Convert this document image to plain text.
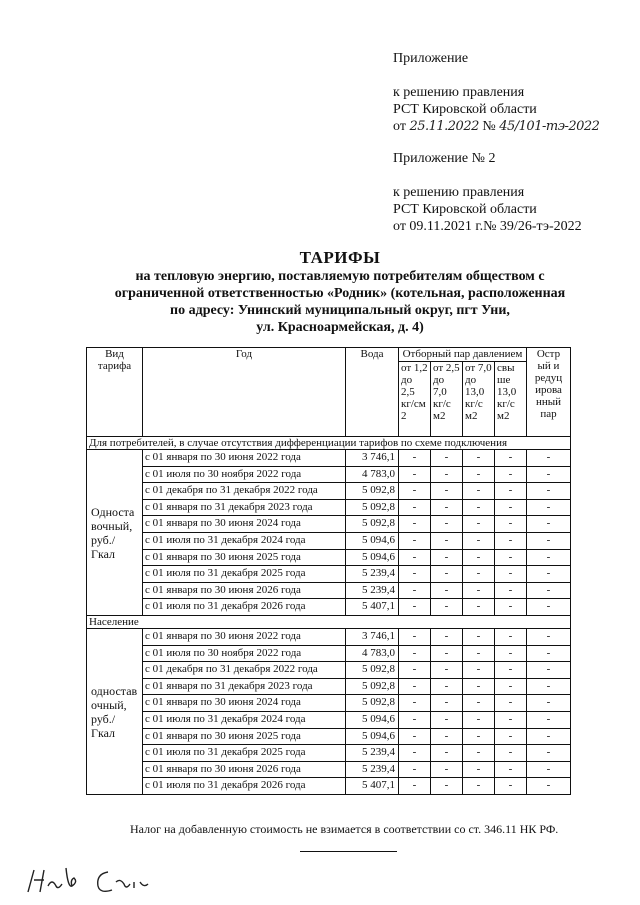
Приложение

к решению правления

РСТ Кировской области

от 25.11.2022 № 45/101-тэ-2022

Приложение № 2

к решению правления

РСТ Кировской области

от 09.11.2021 г.№ 39/26-тэ-2022

ТАРИФЫ
на тепловую энергию, поставляемую потребителям обществом с
ограниченной ответственностью «Родник» (котельная, расположенная
по адресу: Унинский муниципальный округ, пгт Уни,
ул. Красноармейская, д. 4)
Вид тарифа	Год	Вода	Отборный пар давлением				Остр ый и редуц ирова нный пар
			от 1,2 до 2,5 кг/см 2	от 2,5 до 7,0 кг/с м2	от 7,0 до 13,0 кг/с м2	свы ше 13,0 кг/с м2	
Для потребителей, в случае отсутствия дифференциации тарифов по схеме подключения							
Односта вочный, руб./ Гкал	с 01 января по 30 июня 2022 года	3 746,1	-	-	-	-	-
	с 01 июля по 30 ноября 2022 года	4 783,0	-	-	-	-	-
	с 01 декабря по 31 декабря 2022 года	5 092,8	-	-	-	-	-
	с 01 января по 31 декабря 2023 года	5 092,8	-	-	-	-	-
	с 01 января по 30 июня 2024 года	5 092,8	-	-	-	-	-
	с 01 июля по 31 декабря 2024 года	5 094,6	-	-	-	-	-
	с 01 января по 30 июня 2025 года	5 094,6	-	-	-	-	-
	с 01 июля по 31 декабря 2025 года	5 239,4	-	-	-	-	-
	с 01 января по 30 июня 2026 года	5 239,4	-	-	-	-	-
	с 01 июля по 31 декабря 2026 года	5 407,1	-	-	-	-	-
Население							
одностав очный, руб./ Гкал	с 01 января по 30 июня 2022 года	3 746,1	-	-	-	-	-
	с 01 июля по 30 ноября 2022 года	4 783,0	-	-	-	-	-
	с 01 декабря по 31 декабря 2022 года	5 092,8	-	-	-	-	-
	с 01 января по 31 декабря 2023 года	5 092,8	-	-	-	-	-
	с 01 января по 30 июня 2024 года	5 092,8	-	-	-	-	-
	с 01 июля по 31 декабря 2024 года	5 094,6	-	-	-	-	-
	с 01 января по 30 июня 2025 года	5 094,6	-	-	-	-	-
	с 01 июля по 31 декабря 2025 года	5 239,4	-	-	-	-	-
	с 01 января по 30 июня 2026 года	5 239,4	-	-	-	-	-
	с 01 июля по 31 декабря 2026 года	5 407,1	-	-	-	-	-
Налог на добавленную стоимость не взимается в соответствии со ст. 346.11 НК РФ.
